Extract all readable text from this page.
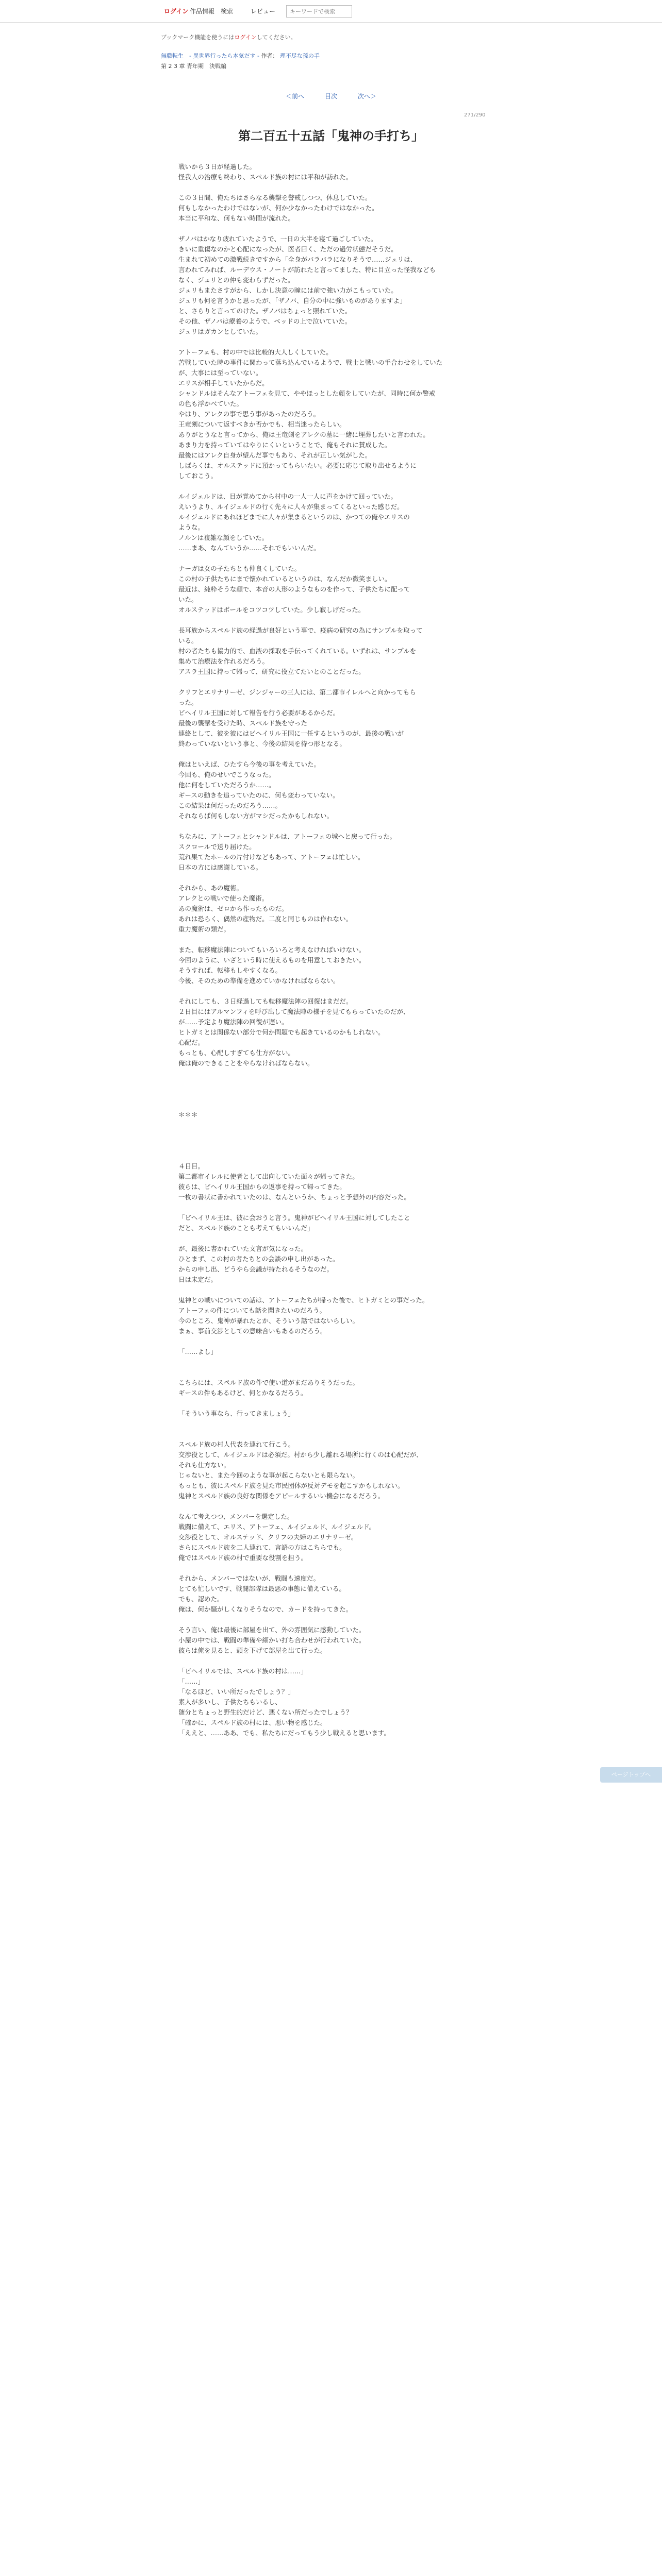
ログイン 作品情報 検索	レビュー
キーワードで検索
ブックマーク機能を使うにはログインしてください。
無職転生　- 異世界行ったら本気だす - 作者： 理不尽な孫の手
第 2 3 章 青年期　決戦編
＜前へ	目次	次へ＞
271/290
第二百五十五話「鬼神の手打ち」

戦いから３日が経過した。

怪我人の治療も終わり、スペルド族の村には平和が訪れた。

この３日間、俺たちはさらなる襲撃を警戒しつつ、休息していた。

何もしなかったわけではないが、何か少なかったわけではなかった。

本当に平和な、何もない時間が流れた。

ザノバはかなり疲れていたようで、一日の大半を寝て過ごしていた。

きいに重傷なのかと心配になったが、医者曰く、ただの過労状態だそうだ。

生まれて初めての激戦続きですから「全身がバラバラになりそうで……ジュリは、

言われてみれば、ルーデウス・ノートが訪れたと言ってました、特に目立った怪我なども

なく、ジュリとの仲も変わらずだった。

ジュリもまたさすがから、しかし決意の瞳には前で強い力がこもっていた。

ジュリも何を言うかと思ったが、「ザノバ、自分の中に強いものがありますよ」

と、さらりと言ってのけた。ザノバはちょっと照れていた。

その他、ザノバは療養のようで、ベッドの上で泣いていた。

ジュリはガカンとしていた。

アトーフェも、村の中では比較的大人しくしていた。

苦戦していた時の事件に関わって落ち込んでいるようで、戦士と戦いの手合わせをしていた

が、大事には至っていない。

エリスが相手していたからだ。

シャンドルはそんなアトーフェを見て、ややほっとした顔をしていたが、同時に何か警戒

の色も浮かべていた。

やはり、アレクの事で思う事があったのだろう。

王竜剣について返すべきか否かでも、相当迷ったらしい。

ありがとうなと言ってから、俺は王竜剣をアレクの墓に一緒に埋葬したいと言われた。

あまり力を持っていてはやりにくいということで、俺もそれに賛成した。

最後にはアレク自身が望んだ事でもあり、それが正しい気がした。

しばらくは、オルステッドに預かってもらいたい。必要に応じて取り出せるように

しておこう。

ルイジェルドは、目が覚めてから村中の一人一人に声をかけて回っていた。

えいうより、ルイジェルドの行く先々に人々が集まってくるといった感じだ。

ルイジェルドにあれほどまでに人々が集まるというのは、かつての俺やエリスの

ような。

ノルンは複雑な顔をしていた。

……まあ、なんていうか……それでもいいんだ。

ナーガは女の子たちとも仲良くしていた。

この村の子供たちにまで懐かれているというのは、なんだか微笑ましい。

最近は、純粋そうな顔で、本音の人形のようなものを作って、子供たちに配って

いた。

オルステッドはボールをコツコツしていた。少し寂しげだった。

長耳族からスペルド族の経過が良好という事で、疫病の研究の為にサンプルを取って

いる。

村の者たちも協力的で、血液の採取を手伝ってくれている。いずれは、サンプルを

集めて治療法を作れるだろう。

アスラ王国に持って帰って、研究に役立てたいとのことだった。

クリフとエリナリーゼ、ジンジャーの三人には、第二都市イレルへと向かってもら

った。

ビヘイリル王国に対して報告を行う必要があるからだ。

最後の襲撃を受けた時、スペルド族を守った

連絡として、彼を彼にはビヘイリル王国に一任するというのが、最後の戦いが

終わっていないという事と、今後の結果を待つ形となる。

俺はといえば、ひたすら今後の事を考えていた。

今回も、俺のせいでこうなった。

他に何をしていただろうか……。

ギースの動きを追っていたのに、何も変わっていない。

この結果は何だったのだろう……。

それならば何もしない方がマシだったかもしれない。

ちなみに、アトーフェとシャンドルは、アトーフェの城へと戻って行った。

スクロールで送り届けた。

荒れ果てたホールの片付けなどもあって、アトーフェは忙しい。

日本の方には感謝している。

それから、あの魔術。

アレクとの戦いで使った魔術。

あの魔術は、ゼロから作ったものだ。

あれは恐らく、偶然の産物だ。二度と同じものは作れない。

重力魔術の類だ。

また、転移魔法陣についてもいろいろと考えなければいけない。

今回のように、いざという時に使えるものを用意しておきたい。

そうすれば、転移もしやすくなる。

今後、そのための準備を進めていかなければならない。

それにしても、３日経過しても転移魔法陣の回復はまだだ。

２日目にはアルマンフィを呼び出して魔法陣の様子を見てもらっていたのだが、

が……予定より魔法陣の回復が遅い。

ヒトガミとは関係ない部分で何か問題でも起きているのかもしれない。

心配だ。

もっとも、心配しすぎても仕方がない。

俺は俺のできることをやらなければならない。

＊＊＊

４日目。

第二都市イレルに使者として出向していた面々が帰ってきた。

彼らは、ビヘイリル王国からの返事を持って帰ってきた。

一枚の書状に書かれていたのは、なんというか、ちょっと予想外の内容だった。

「ビヘイリル王は、彼に会おうと言う。鬼神がビヘイリル王国に対してしたこと

だと、スペルド族のことも考えてもいいんだ」

が、最後に書かれていた文言が気になった。

ひとまず、この村の者たちとの会談の申し出があった。

からの申し出、どうやら会議が持たれるそうなのだ。

日は未定だ。

鬼神との戦いについての話は、アトーフェたちが帰った後で、ヒトガミとの事だった。

アトーフェの件についても話を聞きたいのだろう。

今のところ、鬼神が暴れたとか、そういう話ではないらしい。

まぁ、事前交渉としての意味合いもあるのだろう。

「……よし」

こちらには、スペルド族の件で使い道がまだありそうだった。

ギースの件もあるけど、何とかなるだろう。

「そういう事なら、行ってきましょう」

スペルド族の村人代表を連れて行こう。

交渉役として、ルイジェルドは必須だ。村から少し離れる場所に行くのは心配だが、

それも仕方ない。

じゃないと、また今回のような事が起こらないとも限らない。

もっとも、彼にスペルド族を見た市民団体が反対デモを起こすかもしれない。

鬼神とスペルド族の良好な関係をアピールするいい機会になるだろう。

なんて考えつつ、メンバーを選定した。

戦闘に備えて、エリス、アトーフェ、ルイジェルド、ルイジェルド。

交渉役として、オルステッド、クリフの夫婦のエリナリーゼ。

さらにスペルド族を二人連れて、言語の方はこちらでも。

俺ではスペルド族の村で重要な役割を担う。

それから、メンバーではないが、戦闘も速度だ。

とても忙しいです、戦闘部隊は最悪の事態に備えている。

でも、認めた。

俺は、何か騒がしくなりそうなので、カードを持ってきた。

そう言い、俺は最後に部屋を出て、外の雰囲気に感動していた。

小屋の中では、戦闘の準備や細かい打ち合わせが行われていた。

彼らは俺を見ると、頭を下げて部屋を出て行った。

「ビヘイリルでは、スペルド族の村は……」

「……」

「なるほど、いい所だったでしょう？」

素人が多いし、子供たちもいるし、

随分とちょっと野生的だけど、悪くない所だったでしょう？

「確かに、スペルド族の村には、悪い物を感じた。

「ええと、……ああ、でも、私たちにだってもう少し戦えると思います。

ページトップへ
